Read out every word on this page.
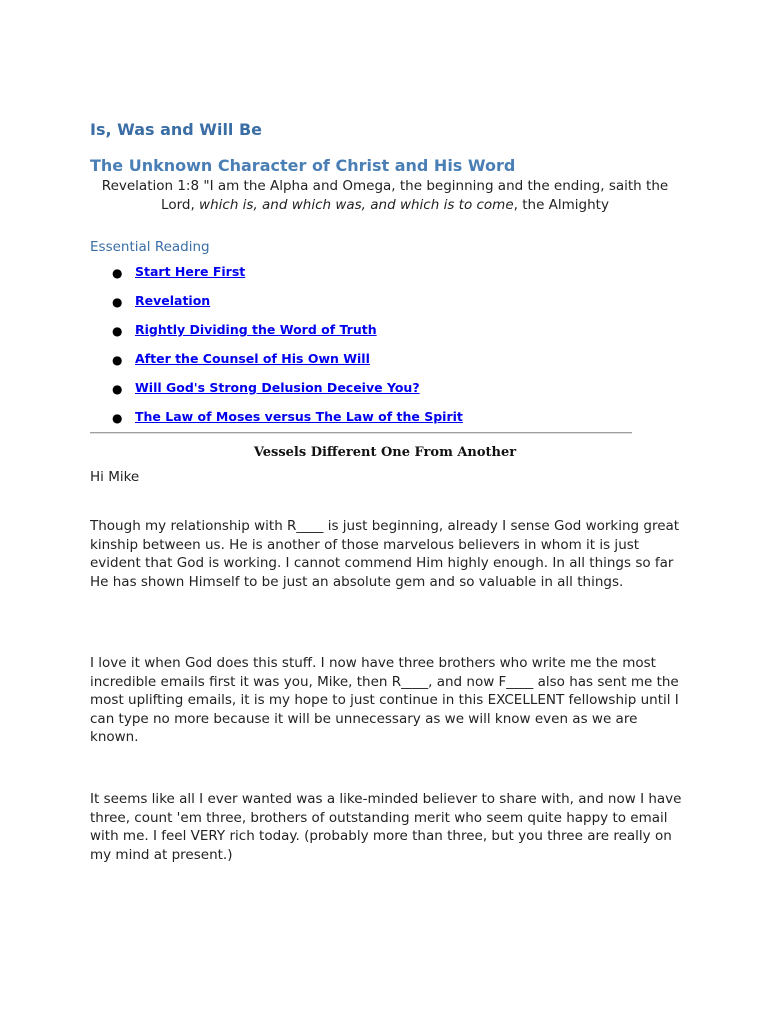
Is, Was and Will Be
The Unknown Character of Christ and His Word
Revelation 1:8 "I am the Alpha and Omega, the beginning and the ending, saith the Lord, which is, and which was, and which is to come, the Almighty
Essential Reading
● Start Here First
● Revelation
● Rightly Dividing the Word of Truth
● After the Counsel of His Own Will
● Will God's Strong Delusion Deceive You?
● The Law of Moses versus The Law of the Spirit
Vessels Different One From Another
Hi Mike

Though my relationship with R____ is just beginning, already I sense God working great kinship between us. He is another of those marvelous believers in whom it is just evident that God is working. I cannot commend Him highly enough. In all things so far He has shown Himself to be just an absolute gem and so valuable in all things.

I love it when God does this stuff. I now have three brothers who write me the most incredible emails first it was you, Mike, then R____, and now F____ also has sent me the most uplifting emails, it is my hope to just continue in this EXCELLENT fellowship until I can type no more because it will be unnecessary as we will know even as we are known.

It seems like all I ever wanted was a like-minded believer to share with, and now I have three, count 'em three, brothers of outstanding merit who seem quite happy to email with me. I feel VERY rich today. (probably more than three, but you three are really on my mind at present.)
